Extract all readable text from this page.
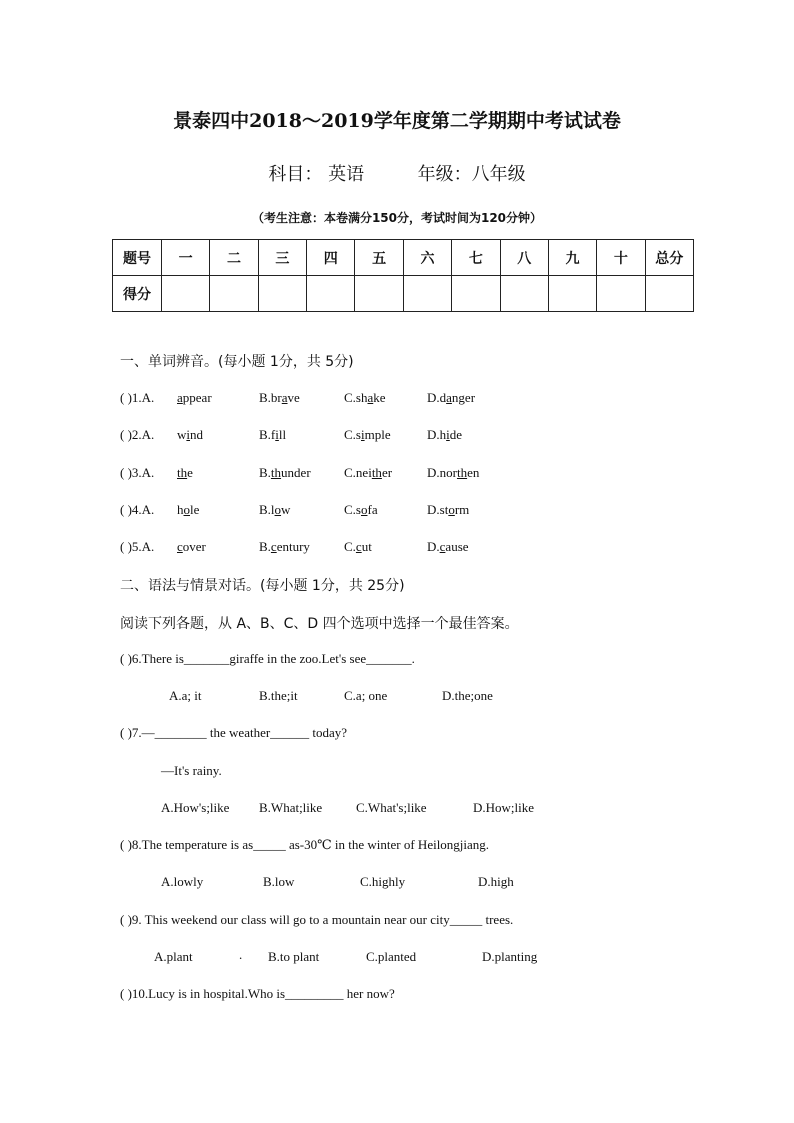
景泰四中2018～2019学年度第二学期期中考试试卷
科目： 英语	年级：八年级
（考生注意：本卷满分150分，考试时间为120分钟）
题号	一	二	三	四	五	六	七	八	九	十	总分
得分											
一、单词辨音。(每小题 1分，共 5分)
( )1.A. appear	B.brave	C.shake	D.danger
( )2.A. wind	B.fill	C.simple	D.hide
( )3.A. the	B.thunder	C.neither	D.northen
( )4.A. hole	B.low	C.sofa	D.storm
( )5.A. cover	B.century	C.cut	D.cause
二、语法与情景对话。(每小题 1分，共 25分)
阅读下列各题，从 A、B、C、D 四个选项中选择一个最佳答案。
( )6.There is_______giraffe in the zoo.Let's see_______.
A.a; it	B.the;it	C.a; one	D.the;one
( )7.—________ the weather______ today?
—It's rainy.
A.How's;like B.What;like	C.What's;like	D.How;like
( )8.The temperature is as_____ as-30℃ in the winter of Heilongjiang.
A.lowly	B.low	C.highly	D.high
( )9. This weekend our class will go to a mountain near our city_____ trees.
A.plant	. B.to plant	C.planted	D.planting
( )10.Lucy is in hospital.Who is_________ her now?
